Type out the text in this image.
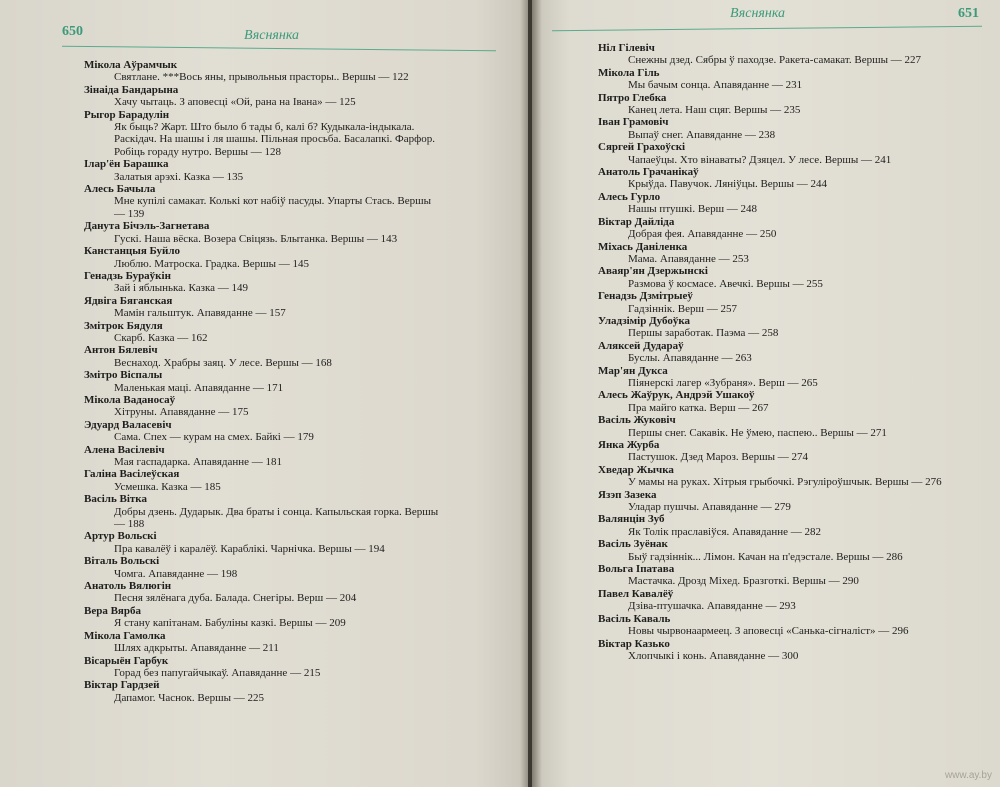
650	Вяснянка
Мікола Аўрамчык
Святлане. ***Вось яны, прывольныя прасторы.. Вершы — 122
Зінаіда Бандарына
Хачу чытаць. З аповесці «Ой, рана на Івана» — 125
Рыгор Барадулін
Як быць? Жарт. Што было б тады б, калі б? Кудыкала-індыкала. Раскідач. На шашы і ля шашы. Пільная просьба. Басалапкі. Фарфор. Робіць гораду нутро. Вершы — 128
Ілар'ён Барашка
Залатыя арэхі. Казка — 135
Алесь Бачыла
Мне купілі самакат. Колькі кот набіў пасуды. Упарты Стась. Вершы — 139
Данута Бічэль-Загнетава
Гускі. Наша вёска. Возера Свіцязь. Блытанка. Вершы — 143
Канстанцыя Буйло
Люблю. Матроска. Градка. Вершы — 145
Генадзь Бураўкін
Зай і яблынька. Казка — 149
Ядвіга Бяганская
Мамін гальштук. Апавяданне — 157
Змітрок Бядуля
Скарб. Казка — 162
Антон Бялевіч
Веснаход. Храбры заяц. У лесе. Вершы — 168
Змітро Віспалы
Маленькая маці. Апавяданне — 171
Мікола Ваданосаў
Хітруны. Апавяданне — 175
Эдуард Валасевіч
Сама. Спех — курам на смех. Байкі — 179
Алена Васілевіч
Мая гаспадарка. Апавяданне — 181
Галіна Васілеўская
Усмешка. Казка — 185
Васіль Вітка
Добры дзень. Дударык. Два браты і сонца. Капыльская горка. Вершы — 188
Артур Вольскі
Пра кавалёў і каралёў. Караблікі. Чарнічка. Вершы — 194
Віталь Вольскі
Чомга. Апавяданне — 198
Анатоль Вялюгін
Песня зялёнага дуба. Балада. Снегіры. Верш — 204
Вера Вярба
Я стану капітанам. Бабуліны казкі. Вершы — 209
Мікола Гамолка
Шлях адкрыты. Апавяданне — 211
Вісарыён Гарбук
Горад без папугайчыкаў. Апавяданне — 215
Віктар Гардзей
Дапамог. Часнок. Вершы — 225
Вяснянка	651
Ніл Гілевіч
Снежны дзед. Сябры ў паходзе. Ракета-самакат. Вершы — 227
Мікола Гіль
Мы бачым сонца. Апавяданне — 231
Пятро Глебка
Канец лета. Наш сцяг. Вершы — 235
Іван Грамовіч
Выпаў снег. Апавяданне — 238
Сяргей Грахоўскі
Чапаеўцы. Хто вінаваты? Дзяцел. У лесе. Вершы — 241
Анатоль Грачанікаў
Крыўда. Павучок. Ляніўцы. Вершы — 244
Алесь Гурло
Нашы птушкі. Верш — 248
Віктар Дайліда
Добрая фея. Апавяданне — 250
Міхась Даніленка
Мама. Апавяданне — 253
Аваяр'ян Дзержынскі
Размова ў космасе. Авечкі. Вершы — 255
Генадзь Дзмітрыеў
Гадзіннік. Верш — 257
Уладзімір Дубоўка
Першы заработак. Паэма — 258
Аляксей Дудараў
Буслы. Апавяданне — 263
Мар'ян Дукса
Піянерскі лагер «Зубраня». Верш — 265
Алесь Жаўрук, Андрэй Ушакоў
Пра майго катка. Верш — 267
Васіль Жуковіч
Першы снег. Сакавік. Не ўмею, паспею.. Вершы — 271
Янка Журба
Пастушок. Дзед Мароз. Вершы — 274
Хведар Жычка
У мамы на руках. Хітрыя грыбочкі. Рэгуліроўшчык. Вершы — 276
Язэп Зазека
Уладар пушчы. Апавяданне — 279
Валянцін Зуб
Як Толік праславіўся. Апавяданне — 282
Васіль Зуёнак
Быў гадзіннік... Лімон. Качан на п'едэстале. Вершы — 286
Вольга Іпатава
Мастачка. Дрозд Міхед. Бразготкі. Вершы — 290
Павел Кавалёў
Дзіва-птушачка. Апавяданне — 293
Васіль Каваль
Новы чырвонаармеец. З аповесці «Санька-сігналіст» — 296
Віктар Казько
Хлопчыкі і конь. Апавяданне — 300
www.ay.by
